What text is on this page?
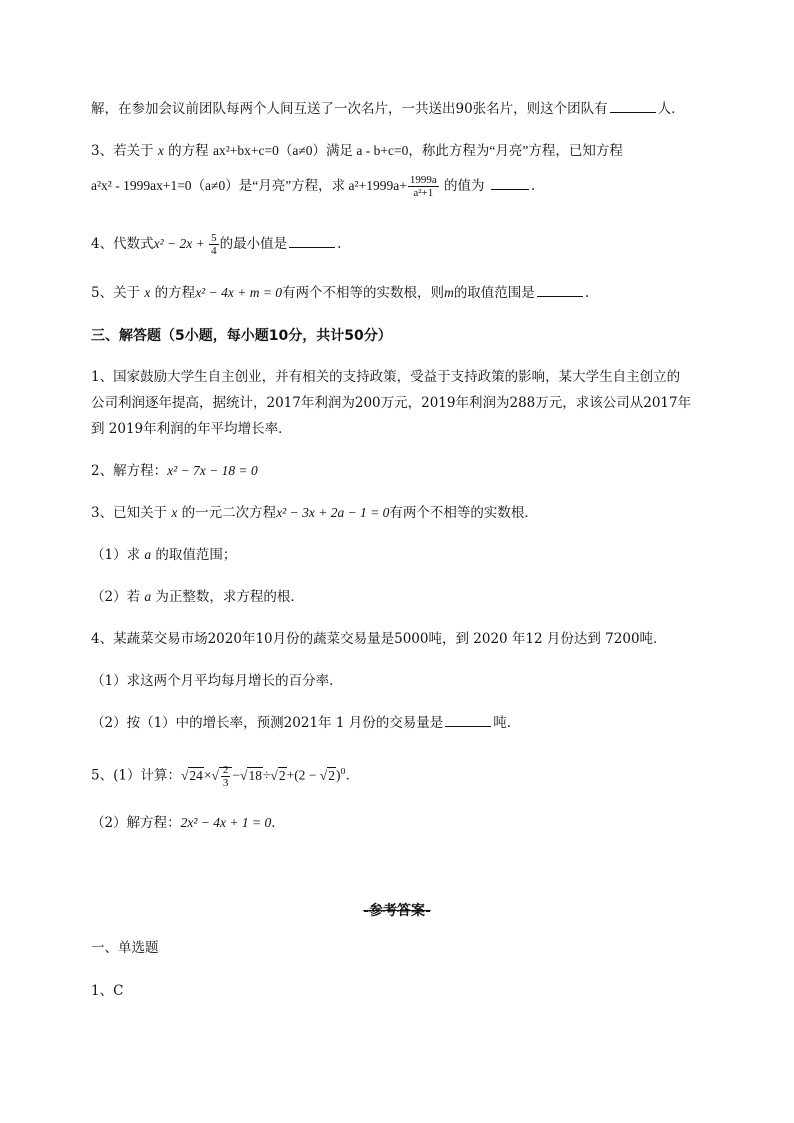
解，在参加会议前团队每两个人间互送了一次名片，一共送出90张名片，则这个团队有	人．
3、若关于 x 的方程 ax²+bx+c=0（a≠0）满足 a - b+c=0，称此方程为“月亮”方程，已知方程
a²x² - 1999ax+1=0（a≠0）是“月亮”方程，求 $a^2+1999a+ \frac{1999a}{\text{a²+1}}$ 的值为	.
4、代数式$x^2 - 2x + \frac{5}{4}$ 的最小值是	.
5、关于 x 的方程x² − 4x + m = 0有两个不相等的实数根，则m的取值范围是	.
三、解答题（5小题，每小题10分，共计50分）
1、国家鼓励大学生自主创业，并有相关的支持政策，受益于支持政策的影响，某大学生自主创立的
公司利润逐年提高，据统计，2017年利润为200万元，2019年利润为288万元，求该公司从2017年
到 2019年利润的年平均增长率．
2、解方程：x² − 7x − 18 = 0
3、已知关于 x 的一元二次方程x² − 3x + 2a − 1 = 0有两个不相等的实数根．
（1）求 a 的取值范围；
（2）若 a 为正整数，求方程的根．
4、某蔬菜交易市场2020年10月份的蔬菜交易量是5000吨，到 2020 年12 月份达到 7200吨．
（1）求这两个月平均每月增长的百分率．
（2）按（1）中的增长率，预测2021年 1 月份的交易量是	吨．
5、(1）计算：$√24\times√ \frac{2}{3} -√18\div√2+(2 - √2)^0$．
（2）解方程：2x² − 4x + 1 = 0．
-参考答案-
一、单选题
1、C
